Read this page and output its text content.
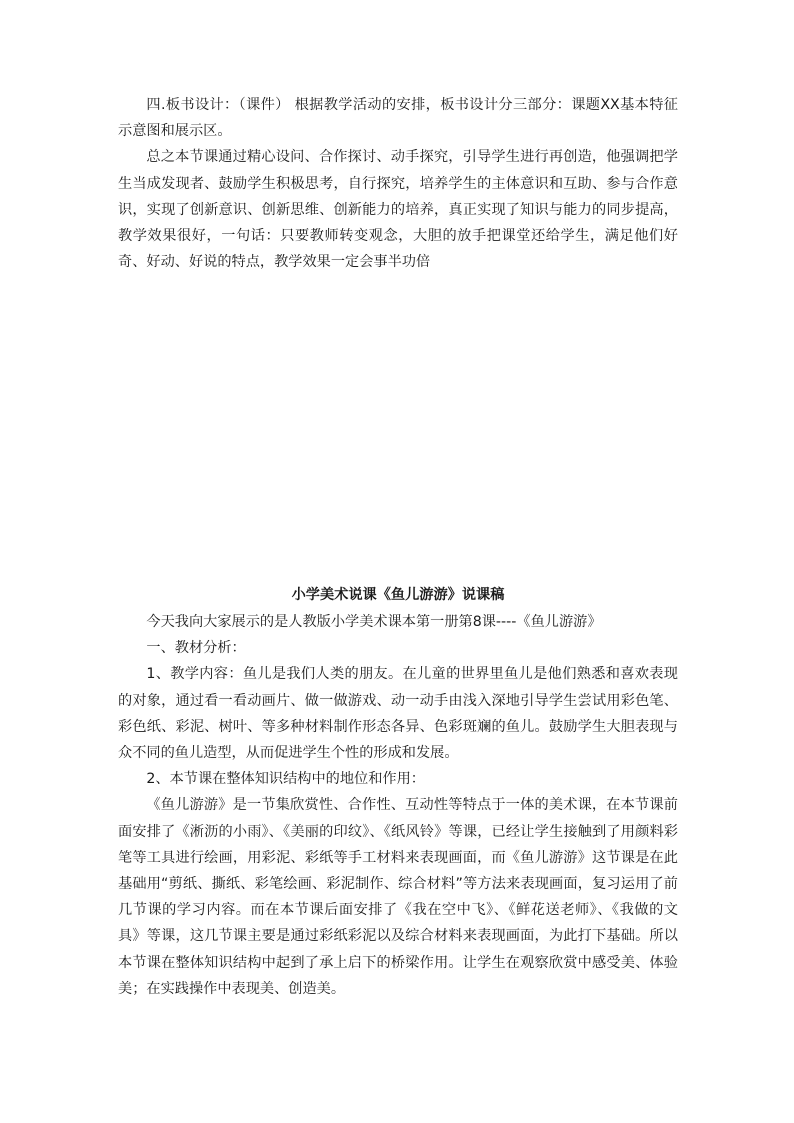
四.板书设计：（课件） 根据教学活动的安排，板书设计分三部分：课题XX基本特征示意图和展示区。

总之本节课通过精心设问、合作探讨、动手探究，引导学生进行再创造，他强调把学生当成发现者、鼓励学生积极思考，自行探究，培养学生的主体意识和互助、参与合作意识，实现了创新意识、创新思维、创新能力的培养，真正实现了知识与能力的同步提高，教学效果很好，一句话：只要教师转变观念，大胆的放手把课堂还给学生，满足他们好奇、好动、好说的特点，教学效果一定会事半功倍

小学美术说课《鱼儿游游》说课稿

今天我向大家展示的是人教版小学美术课本第一册第8课----《鱼儿游游》

一、教材分析：

1、教学内容：鱼儿是我们人类的朋友。在儿童的世界里鱼儿是他们熟悉和喜欢表现的对象，通过看一看动画片、做一做游戏、动一动手由浅入深地引导学生尝试用彩色笔、彩色纸、彩泥、树叶、等多种材料制作形态各异、色彩斑斓的鱼儿。鼓励学生大胆表现与众不同的鱼儿造型，从而促进学生个性的形成和发展。

2、本节课在整体知识结构中的地位和作用：

《鱼儿游游》是一节集欣赏性、合作性、互动性等特点于一体的美术课，在本节课前面安排了《淅沥的小雨》、《美丽的印纹》、《纸风铃》等课，已经让学生接触到了用颜料彩笔等工具进行绘画，用彩泥、彩纸等手工材料来表现画面，而《鱼儿游游》这节课是在此基础用“剪纸、撕纸、彩笔绘画、彩泥制作、综合材料”等方法来表现画面，复习运用了前几节课的学习内容。而在本节课后面安排了《我在空中飞》、《鲜花送老师》、《我做的文具》等课，这几节课主要是通过彩纸彩泥以及综合材料来表现画面，为此打下基础。所以本节课在整体知识结构中起到了承上启下的桥梁作用。让学生在观察欣赏中感受美、体验美；在实践操作中表现美、创造美。
